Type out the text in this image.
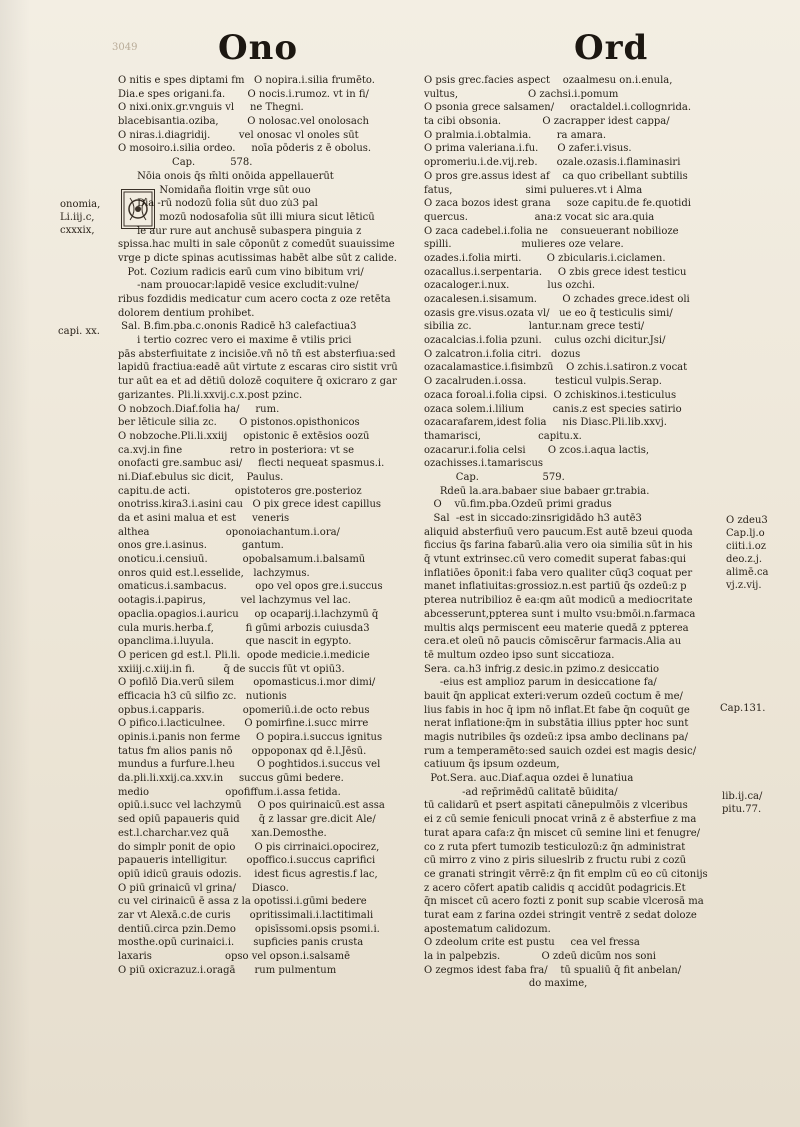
3049 Ono	Ord
onomia,
Li.iij.c,
cxxxix,
capi. xx.
O zdeu3
Cap.lj.o
ciiti.i.oz
deo.z.j.
alimē.ca
vj.z.vij.
Cap.131.
lib.ij.ca/
pitu.77.
O nitis e spes diptami fm   O nopira.i.silia frumēto.
Dia.e spes origani.fa.       O nocis.i.rumoz. vt in fi/
O nixi.onix.gr.vnguis vl     ne Thegni.
blacebisantia.oziba,         O nolosac.vel onolosach
O niras.i.diagridij.         vel onosac vl onoles sūt
O mosoiro.i.silia ordeo.     noīa pōderis z ē obolus.
Cap.           578.
Nōia onois q̄s m̄lti onōida appellauerūt
Nomidaña floitin vrge sūt ouo
Dia -rū nodozū folia sūt duo zu̇3 pal
mozū nodosafolia sūt illi miura sicut lēticū
le aur rure aut anchusē subaspera pinguia z
spissa.hac multi in sale cōponūt z comedūt suauissime
vrge p dicte spinas acutissimas habēt albe sūt z calide.
Pot. Cozium radicis earū cum vino bibitum vri/
-nam prouocar:lapidē vesice excludit:vulne/
ribus fozdidis medicatur cum acero cocta z oze retēta
dolorem dentium prohibet.
Sal. B.fim.pba.c.ononis Radicē h3 calefactiua3
i tertio cozrec vero ei maxime ē vtilis prici
pās absterfiuitate z incisiōe.vñ nō tñ est absterfiua:sed
lapidū fractiua:eadē aūt virtute z escaras ciro sistit vrū
tur aūt ea et ad dētiū dolozē coquitere q̄ oxicraro z gar
garizantes. Pli.li.xxvij.c.x.post pzinc.
O nobzoch.Diaf.folia ha/     rum.
ber lēticule silia zc.       O pistonos.opisthonicos
O nobzoche.Pli.li.xxiij     opistonic ē extēsios oozū
ca.xvj.in fine               retro in posteriora: vt se
onofacti gre.sambuc asi/     flecti nequeat spasmus.i.
ni.Diaf.ebulus sic dicit,    Paulus.
capitu.de acti.              opistoteros gre.posterioz
onotriss.kira3.i.asini cau   O pix grece idest capillus
da et asini malua et est     veneris
althea                        oponoiachantum.i.ora/
onos gre.i.asinus.           gantum.
onoticu.i.censiuū.           opobalsamum.i.balsamū
onros quid est.l.esselide,   lachzymus.
omaticus.i.sambacus.         opo vel opos gre.i.succus
ootagis.i.papirus,           vel lachzymus vel lac.
opaclia.opagios.i.auricu     op ocaparij.i.lachzymū q̄
cula muris.herba.f,          fi gūmi arbozis cuiusda3
opanclima.i.luyula.          que nascit in egypto.
O pericen gd est.l. Pli.li.  opode medicie.i.medicie
xxiiij.c.xiij.in fi.         q̄ de succis fūt vt opiū3.
O pofilō Dia.verū silem      opomasticus.i.mor dimi/
efficacia h3 cū silfio zc.   nutionis
opbus.i.capparis.            opomeriū.i.de octo rebus
O pifico.i.lacticulnee.      O pomirfine.i.succ mirre
opinis.i.panis non ferme     O popira.i.succus ignitus
tatus fm alios panis nō      oppoponax qd ē.l.Jēsū.
mundus a furfure.l.heu       O poghtidos.i.succus vel
da.pli.li.xxij.ca.xxv.in     succus gūmi bedere.
medio                        opofiffum.i.assa fetida.
opiū.i.succ vel lachzymū     O pos quirinaicū.est assa
sed opiū papaueris quid      q̄ z lassar gre.dicit Ale/
est.l.charchar.vez quā       xan.Demosthe.
do simplr ponit de opio      O pis cirrinaici.opocirez,
papaueris intelligitur.      opoffico.i.succus caprifici
opiū idicū grauis odozis.    idest ficus agrestis.f lac,
O piū grinaicū vl grina/     Diasco.
cu vel cirinaicū ē assa z la opotissi.i.gūmi bedere
zar vt Alexā.c.de curis      opritissimali.i.lactitimali
dentiū.circa pzin.Demo      opisīssomi.opsis psomi.i.
mosthe.opū curinaici.i.      supficies panis crusta
laxaris                       opso vel opson.i.salsamē
O piū oxicrazuz.i.oragā      rum pulmentum
O psis grec.facies aspect    ozaalmesu on.i.enula,
vultus,                      O zachsi.i.pomum
O psonia grece salsamen/     oractaldel.i.collognrida.
ta cibi obsonia.             O zacrapper idest cappa/
O pralmia.i.obtalmia.        ra amara.
O prima valeriana.i.fu.      O zafer.i.visus.
opromeriu.i.de.vij.reb.      ozale.ozasis.i.flaminasiri
O pros gre.assus idest af    ca quo cribellant subtilis
fatus,                       simi pulueres.vt i Alma
O zaca bozos idest grana     soze capitu.de fe.quotidi
quercus.                     ana:z vocat sic ara.quia
O zaca cadebel.i.folia ne    consueuerant nobilioze
spilli.                      mulieres oze velare.
ozades.i.folia mirti.        O zbicularis.i.ciclamen.
ozacallus.i.serpentaria.     O zbis grece idest testicu
ozacaloger.i.nux.            lus ozchi.
ozacalesen.i.sisamum.        O zchades grece.idest oli
ozasis gre.visus.ozata vl/   ue eo q̄ testiculis simi/
sibilia zc.                  lantur.nam grece testi/
ozacalcias.i.folia pzuni.    culus ozchi dicitur.Jsi/
O zalcatron.i.folia citri.   dozus
ozacalamastice.i.fisimbzū    O zchis.i.satiron.z vocat
O zacalruden.i.ossa.         testicul vulpis.Serap.
ozaca foroal.i.folia cipsi.  O zchiskinos.i.testiculus
ozaca solem.i.lilium         canis.z est species satirio
ozacarafarem,idest folia     nis Diasc.Pli.lib.xxvj.
thamarisci,                  capitu.x.
ozacarur.i.folia celsi       O zcos.i.aqua lactis,
ozachisses.i.tamariscus
Cap.                    579.
Rdeū la.ara.babaer siue babaer gr.trabia.
O    vū.fim.pba.Ozdeū primi gradus
Sal  -est in siccado:zinsrigidādo h3 autē3
aliquid absterfiuū vero paucum.Est autē bzeui quoda
ficcius q̄s farina fabarū.alia vero oia similia sūt in his
q̄ vtunt extrinsec.cū vero comedit superat fabas:qui
inflatiōes ōponit:i faba vero qualiter cūq3 coquat per
manet inflatiuitas:grossioz.n.est partiū q̄s ozdeū:z p
pterea nutribilioz ē ea:qm aūt modicū a mediocritate
abcesserunt,ppterea sunt i multo vsu:bmōi.n.farmaca
multis alqs permiscent eeu materie quedā z ppterea
cera.et oleū nō paucis cōmiscērur farmacis.Alia au
tē multum ozdeo ipso sunt siccatioza.
Sera. ca.h3 infrig.z desic.in pzimo.z desiccatio
-eius est amplioz parum in desiccatione fa/
bauit q̄n applicat exteri:verum ozdeū coctum ē me/
lius fabis in hoc q̄ ipm nō inflat.Et fabe q̄n coquūt ge
nerat inflatione:q̄m in substātia illius ppter hoc sunt
magis nutribiles q̄s ozdeū:z ipsa ambo declinans pa/
rum a temperamēto:sed sauich ozdei est magis desic/
catiuum q̄s ipsum ozdeum,
Pot.Sera. auc.Diaf.aqua ozdei ē lunatiua
-ad rep̄rimēdū calitatē būidita/
tū calidarū et psert aspitati cānepulmōis z vlceribus
ei z cū semie feniculi pnocat vrinā z ē absterfiue z ma
turat apara cafa:z q̄n miscet cū semine lini et fenugre/
co z ruta pfert tumozib testiculozū:z q̄n administrat
cū mirro z vino z piris silueslrib z fructu rubi z cozū
ce granati stringit vērrē:z q̄n fit emplm cū eo cū citonijs
z acero cōfert apatib calidis q accidūt podagricis.Et
q̄n miscet cū acero fozti z ponit sup scabie vlcerosā ma
turat eam z farina ozdei stringit ventrē z sedat doloze
apostematum calidozum.
O zdeolum crite est pustu     cea vel fressa
la in palpebzis.             O zdeū dicūm nos soni
O zegmos idest faba fra/    tū spualiū q̄ fit anbelan/
do maxime,
